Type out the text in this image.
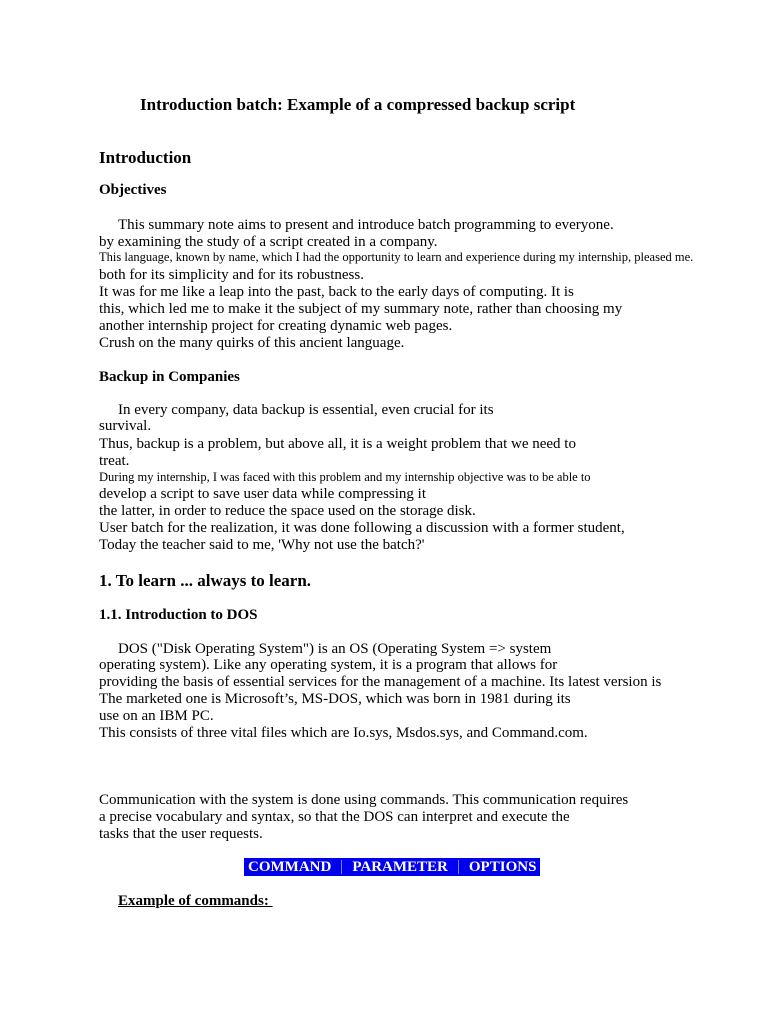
Introduction batch: Example of a compressed backup script
Introduction
Objectives
This summary note aims to present and introduce batch programming to everyone.
by examining the study of a script created in a company.
This language, known by name, which I had the opportunity to learn and experience during my internship, pleased me.
both for its simplicity and for its robustness.
It was for me like a leap into the past, back to the early days of computing. It is
this, which led me to make it the subject of my summary note, rather than choosing my
another internship project for creating dynamic web pages.
Crush on the many quirks of this ancient language.
Backup in Companies
In every company, data backup is essential, even crucial for its
survival.
Thus, backup is a problem, but above all, it is a weight problem that we need to
treat.
During my internship, I was faced with this problem and my internship objective was to be able to
develop a script to save user data while compressing it
the latter, in order to reduce the space used on the storage disk.
User batch for the realization, it was done following a discussion with a former student,
Today the teacher said to me, 'Why not use the batch?'
1. To learn ... always to learn.
1.1. Introduction to DOS
DOS ("Disk Operating System") is an OS (Operating System => system
operating system). Like any operating system, it is a program that allows for
providing the basis of essential services for the management of a machine. Its latest version is
The marketed one is Microsoft’s, MS-DOS, which was born in 1981 during its
use on an IBM PC.
This consists of three vital files which are Io.sys, Msdos.sys, and Command.com.
Communication with the system is done using commands. This communication requires
a precise vocabulary and syntax, so that the DOS can interpret and execute the
tasks that the user requests.
COMMAND PARAMETER OPTIONS
Example of commands:
